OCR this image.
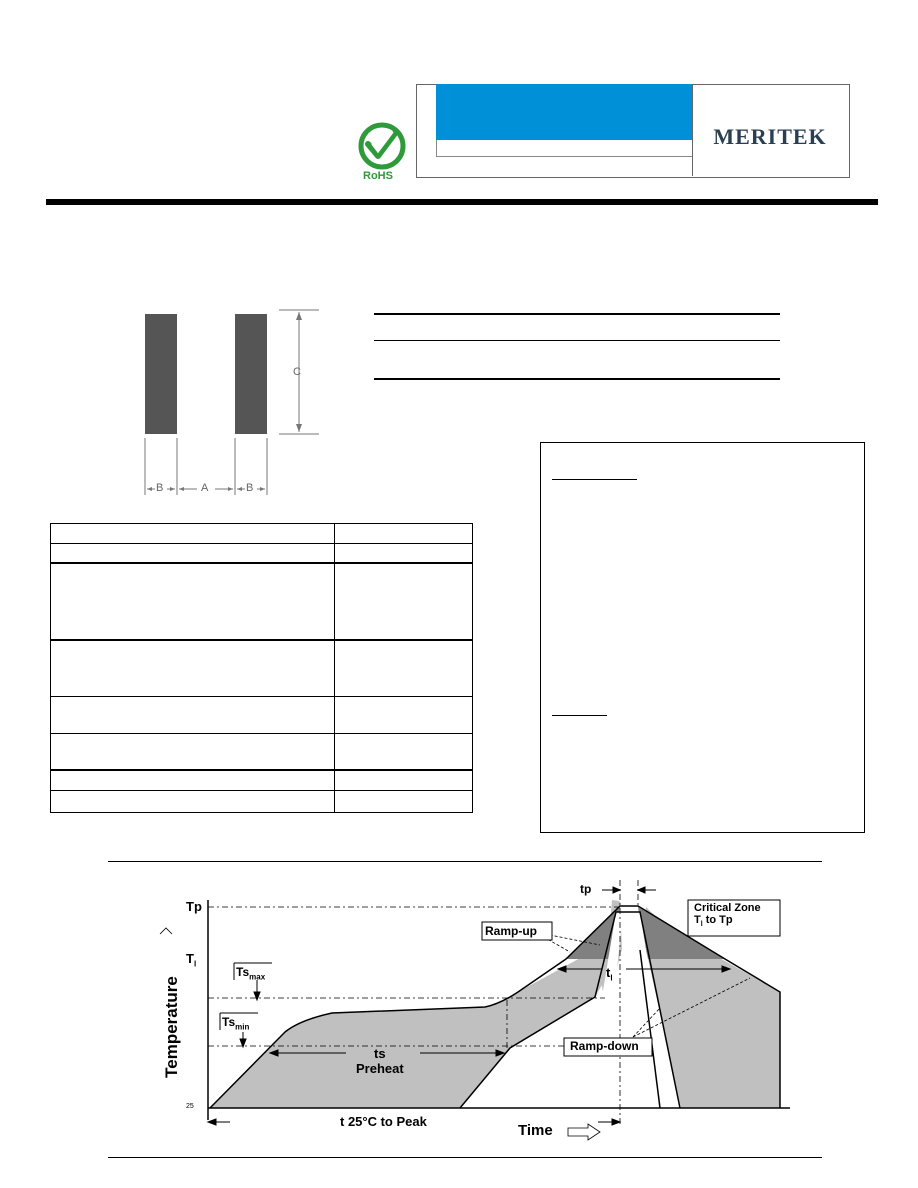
MERITEK
RoHS
C
A
B	B
Tp
$T_l$
tp
Ramp-up
Ramp-down
Critical Zone
$T_l$ to Tp
$Ts_{max}$
$Ts_{min}$
ts
Preheat
$t_l$
Temperature
Time
t 25°C to Peak
25
